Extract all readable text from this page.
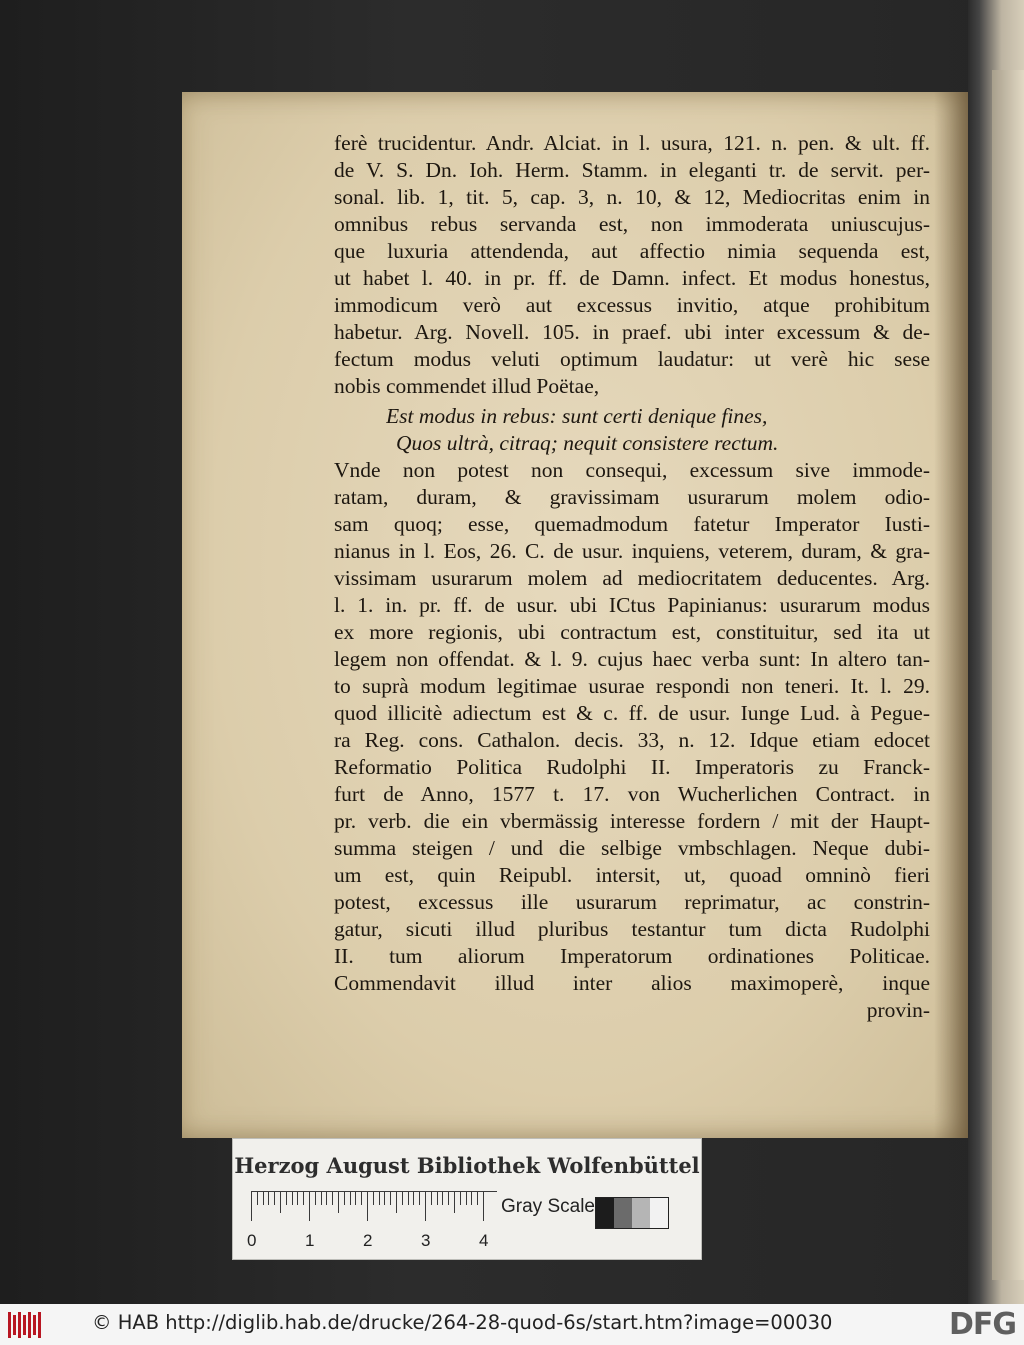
ferè trucidentur. Andr. Alciat. in l. usura, 121. n. pen. & ult. ff.
de V. S. Dn. Ioh. Herm. Stamm. in eleganti tr. de servit. per-
sonal. lib. 1, tit. 5, cap. 3, n. 10, & 12, Mediocritas enim in
omnibus rebus servanda est, non immoderata uniuscujus-
que luxuria attendenda, aut affectio nimia sequenda est,
ut habet l. 40. in pr. ff. de Damn. infect. Et modus honestus,
immodicum verò aut excessus invitio, atque prohibitum
habetur. Arg. Novell. 105. in praef. ubi inter excessum & de-
fectum modus veluti optimum laudatur: ut verè hic sese
nobis commendet illud Poëtae,
Est modus in rebus: sunt certi denique fines,
Quos ultrà, citraq; nequit consistere rectum.
Vnde non potest non consequi, excessum sive immode-
ratam, duram, & gravissimam usurarum molem odio-
sam quoq; esse, quemadmodum fatetur Imperator Iusti-
nianus in l. Eos, 26. C. de usur. inquiens, veterem, duram, & gra-
vissimam usurarum molem ad mediocritatem deducentes. Arg.
l. 1. in. pr. ff. de usur. ubi ICtus Papinianus: usurarum modus
ex more regionis, ubi contractum est, constituitur, sed ita ut
legem non offendat. & l. 9. cujus haec verba sunt: In altero tan-
to suprà modum legitimae usurae respondi non teneri. It. l. 29.
quod illicitè adiectum est & c. ff. de usur. Iunge Lud. à Pegue-
ra Reg. cons. Cathalon. decis. 33, n. 12. Idque etiam edocet
Reformatio Politica Rudolphi II. Imperatoris zu Franck-
furt de Anno, 1577 t. 17. von Wucherlichen Contract. in
pr. verb. die ein vbermässig interesse fordern / mit der Haupt-
summa steigen / und die selbige vmbschlagen. Neque dubi-
um est, quin Reipubl. intersit, ut, quoad omninò fieri
potest, excessus ille usurarum reprimatur, ac constrin-
gatur, sicuti illud pluribus testantur tum dicta Rudolphi
II. tum aliorum Imperatorum ordinationes Politicae.
Commendavit illud inter alios maximoperè, inque
provin-
Herzog August Bibliothek Wolfenbüttel
0	1	2	3	4
Gray Scale
© HAB http://diglib.hab.de/drucke/264-28-quod-6s/start.htm?image=00030	DFG
